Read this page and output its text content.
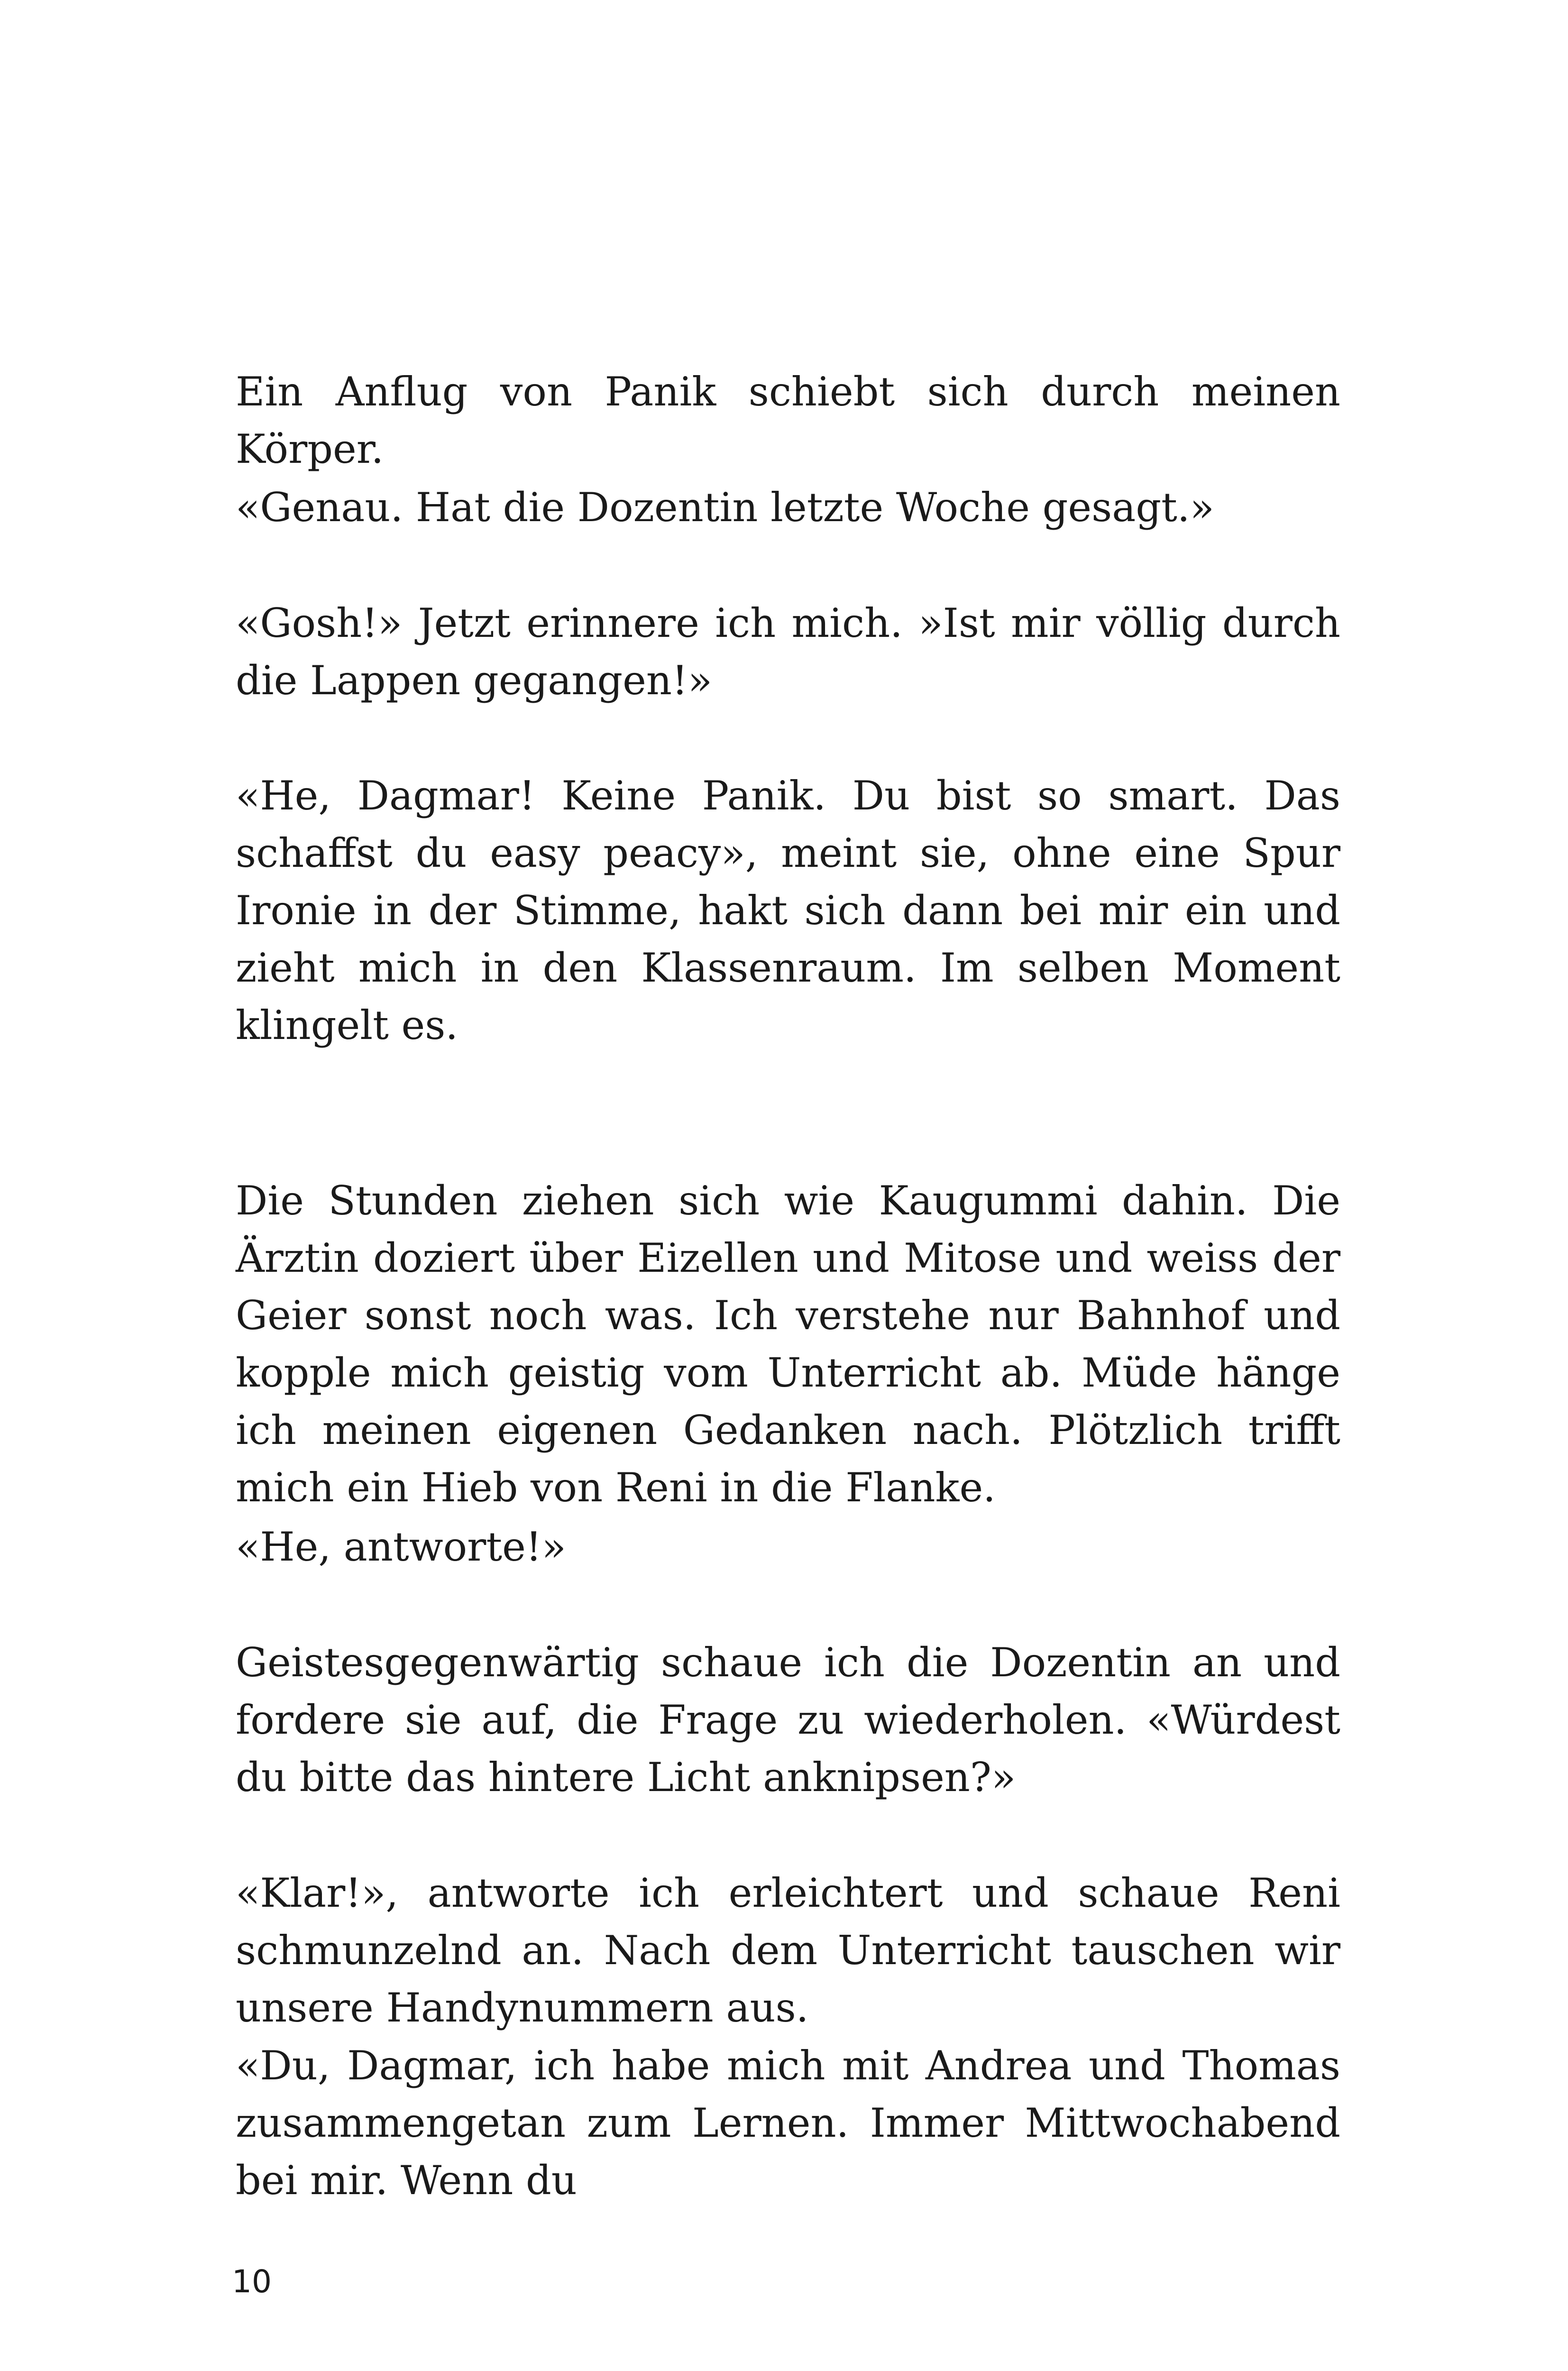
Ein Anflug von Panik schiebt sich durch meinen Körper.

«Genau. Hat die Dozentin letzte Woche gesagt.»

«Gosh!» Jetzt erinnere ich mich. »Ist mir völlig durch die Lappen gegangen!»

«He, Dagmar! Keine Panik. Du bist so smart. Das schaffst du easy peacy», meint sie, ohne eine Spur Ironie in der Stimme, hakt sich dann bei mir ein und zieht mich in den Klassenraum. Im selben Moment klingelt es.

Die Stunden ziehen sich wie Kaugummi dahin. Die Ärztin doziert über Eizellen und Mitose und weiss der Geier sonst noch was. Ich verstehe nur Bahnhof und kopple mich geistig vom Unterricht ab. Müde hänge ich meinen eigenen Gedanken nach. Plötzlich trifft mich ein Hieb von Reni in die Flanke.

«He, antworte!»

Geistesgegenwärtig schaue ich die Dozentin an und fordere sie auf, die Frage zu wiederholen. «Würdest du bitte das hintere Licht anknipsen?»

«Klar!», antworte ich erleichtert und schaue Reni schmunzelnd an. Nach dem Unterricht tauschen wir unsere Handynummern aus.

«Du, Dagmar, ich habe mich mit Andrea und Thomas zusammengetan zum Lernen. Immer Mittwochabend bei mir. Wenn du

10
